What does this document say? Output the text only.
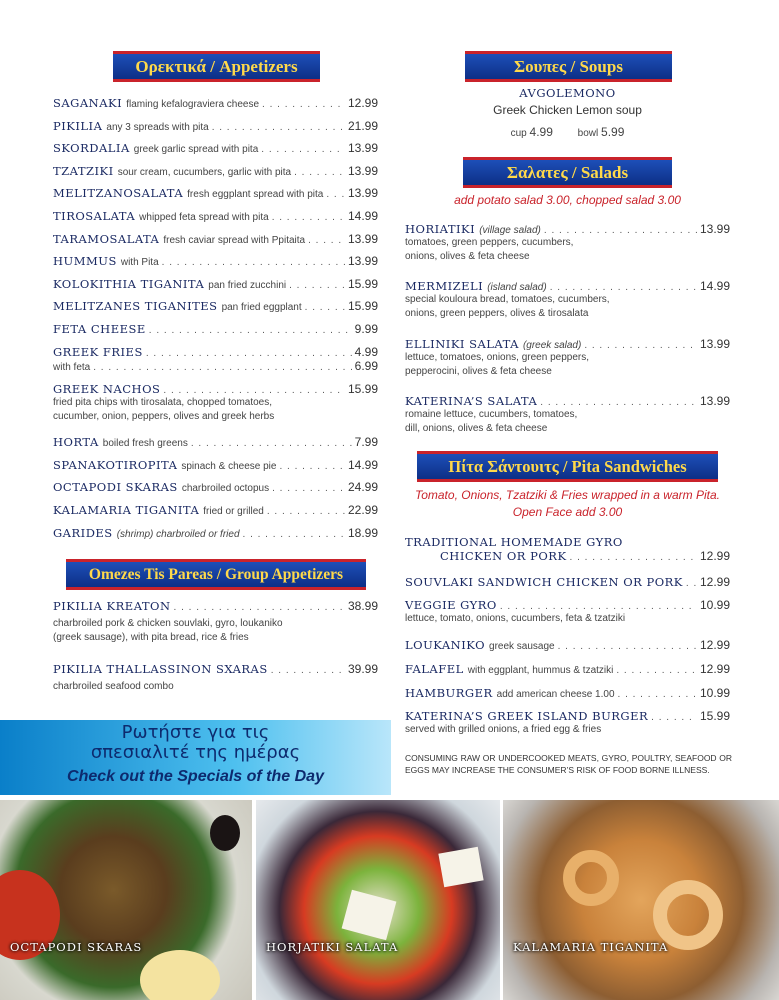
Ορεκτικά / Appetizers
SAGANAKI flaming kefalograviera cheese . . .	12.99
PIKILIA any 3 spreads with pita . . .	21.99
SKORDALIA greek garlic spread with pita . . .	13.99
TZATZIKI sour cream, cucumbers, garlic with pita . . .	13.99
MELITZANOSALATA fresh eggplant spread with pita . . . 13.99
TIROSALATA whipped feta spread with pita . . .	14.99
TARAMOSALATA fresh caviar spread with Ppitaita . . .	13.99
HUMMUS with Pita . . .	13.99
KOLOKITHIA TIGANITA pan fried zucchini . . .	15.99
MELITZANES TIGANITES pan fried eggplant . . .	15.99
FETA CHEESE . . .	9.99
GREEK FRIES . . .	4.99
with feta . . .	6.99
GREEK NACHOS . . .	15.99
fried pita chips with tirosalata, chopped tomatoes,
cucumber, onion, peppers, olives and greek herbs
HORTA boiled fresh greens . . .	7.99
SPANAKOTIROPITA spinach & cheese pie . . .	14.99
OCTAPODI SKARAS charbroiled octopus . . .	24.99
KALAMARIA TIGANITA fried or grilled . . .	22.99
GARIDES (shrimp) charbroiled or fried . . .	18.99
Omezes Tis Pareas / Group Appetizers
PIKILIA KREATON . . .	38.99
charbroiled pork & chicken souvlaki, gyro, loukaniko
(greek sausage), with pita bread, rice & fries
PIKILIA THALLASSINON SXARAS . . .	39.99
charbroiled seafood combo
Ρωτήστε για τις
σπεσιαλιτέ της ημέρας
Check out the Specials of the Day
Σουπες / Soups
AVGOLEMONO
Greek Chicken Lemon soup
cup 4.99 bowl 5.99
Σαλατες / Salads
add potato salad 3.00, chopped salad 3.00
HORIATIKI (village salad) . . .	13.99
tomatoes, green peppers, cucumbers,
onions, olives & feta cheese
MERMIZELI (island salad) . . .	14.99
special kouloura bread, tomatoes, cucumbers,
onions, green peppers, olives & tirosalata
ELLINIKI SALATA (greek salad) . . .	13.99
lettuce, tomatoes, onions, green peppers,
pepperocini, olives & feta cheese
KATERINA’S SALATA . . .	13.99
romaine lettuce, cucumbers, tomatoes,
dill, onions, olives & feta cheese
Πίτα Σάντουιτς / Pita Sandwiches
Tomato, Onions, Tzatziki & Fries wrapped in a warm Pita.
Open Face add 3.00
TRADITIONAL HOMEMADE GYRO
CHICKEN OR PORK . . .	12.99
SOUVLAKI SANDWICH CHICKEN OR PORK . . . 12.99
VEGGIE GYRO . . .	10.99
lettuce, tomato, onions, cucumbers, feta & tzatziki
LOUKANIKO greek sausage . . .	12.99
FALAFEL with eggplant, hummus & tzatziki . . .	12.99
HAMBURGER add american cheese 1.00 . . .	10.99
KATERINA’S GREEK ISLAND BURGER . . .	15.99
served with grilled onions, a fried egg & fries
CONSUMING RAW OR UNDERCOOKED MEATS, GYRO, POULTRY, SEAFOOD OR EGGS MAY INCREASE THE CONSUMER’S RISK OF FOOD BORNE ILLNESS.
OCTAPODI SKARAS	HORJATIKI SALATA	KALAMARIA TIGANITA
